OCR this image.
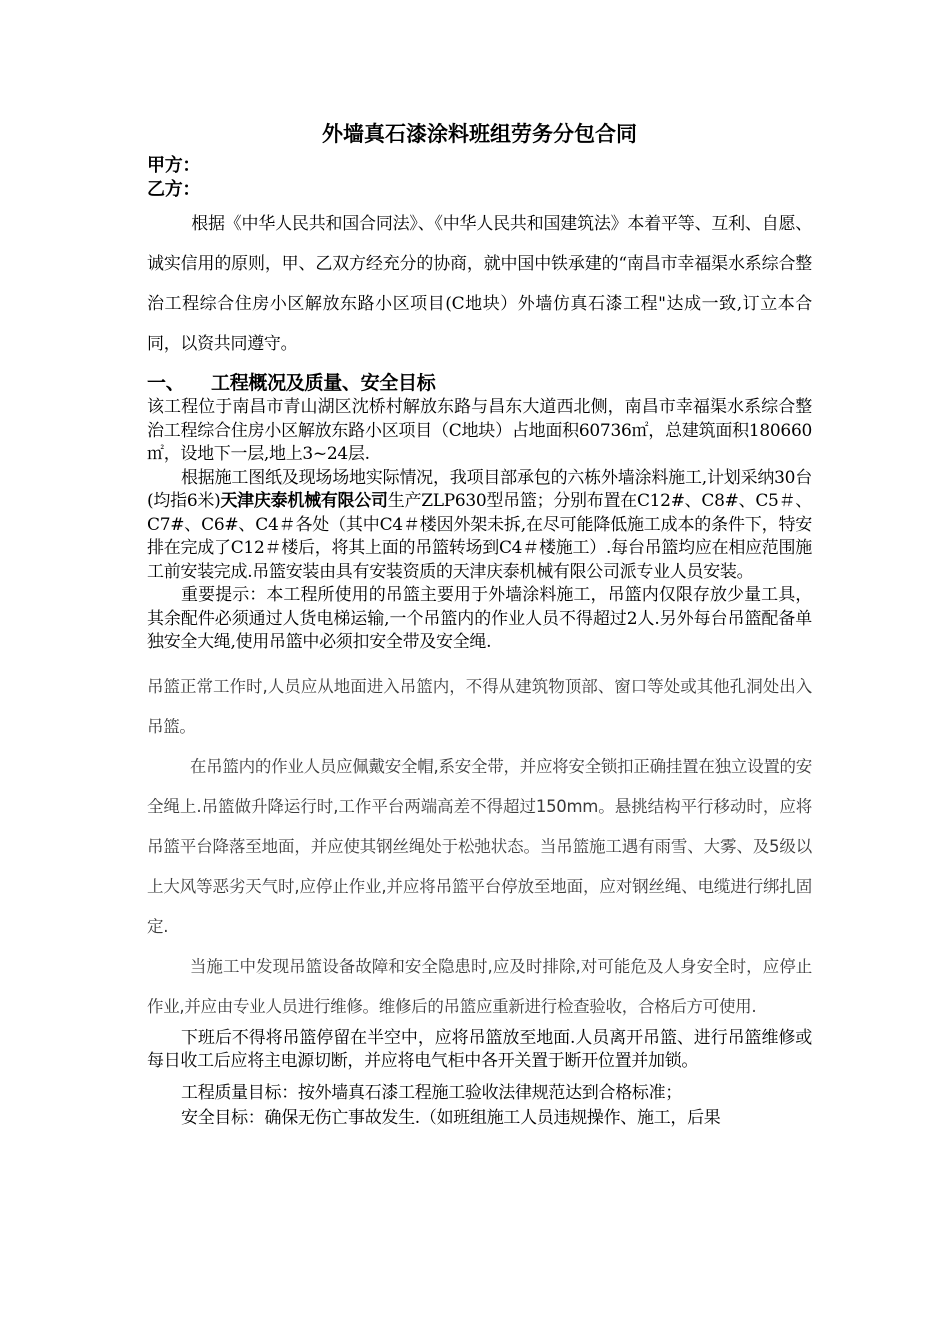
外墙真石漆涂料班组劳务分包合同
甲方：
乙方：

根据《中华人民共和国合同法》、《中华人民共和国建筑法》本着平等、互利、自愿、诚实信用的原则，甲、乙双方经充分的协商，就中国中铁承建的“南昌市幸福渠水系综合整治工程综合住房小区解放东路小区项目(C地块）外墙仿真石漆工程"达成一致,订立本合同，以资共同遵守。

一、 工程概况及质量、安全目标

该工程位于南昌市青山湖区沈桥村解放东路与昌东大道西北侧，南昌市幸福渠水系综合整治工程综合住房小区解放东路小区项目（C地块）占地面积60736㎡，总建筑面积180660㎡，设地下一层,地上3~24层.

根据施工图纸及现场场地实际情况，我项目部承包的六栋外墙涂料施工,计划采纳30台(均指6米)天津庆泰机械有限公司生产ZLP630型吊篮；分别布置在C12#、C8#、C5＃、C7#、C6#、C4＃各处（其中C4＃楼因外架未拆,在尽可能降低施工成本的条件下，特安排在完成了C12＃楼后，将其上面的吊篮转场到C4＃楼施工）.每台吊篮均应在相应范围施工前安装完成.吊篮安装由具有安装资质的天津庆泰机械有限公司派专业人员安装。

重要提示：本工程所使用的吊篮主要用于外墙涂料施工，吊篮内仅限存放少量工具，其余配件必须通过人货电梯运输,一个吊篮内的作业人员不得超过2人.另外每台吊篮配备单独安全大绳,使用吊篮中必须扣安全带及安全绳.

吊篮正常工作时,人员应从地面进入吊篮内，不得从建筑物顶部、窗口等处或其他孔洞处出入吊篮。

在吊篮内的作业人员应佩戴安全帽,系安全带，并应将安全锁扣正确挂置在独立设置的安全绳上.吊篮做升降运行时,工作平台两端高差不得超过150mm。悬挑结构平行移动时，应将吊篮平台降落至地面，并应使其钢丝绳处于松弛状态。当吊篮施工遇有雨雪、大雾、及5级以上大风等恶劣天气时,应停止作业,并应将吊篮平台停放至地面，应对钢丝绳、电缆进行绑扎固定.

当施工中发现吊篮设备故障和安全隐患时,应及时排除,对可能危及人身安全时，应停止作业,并应由专业人员进行维修。维修后的吊篮应重新进行检查验收，合格后方可使用.

下班后不得将吊篮停留在半空中，应将吊篮放至地面.人员离开吊篮、进行吊篮维修或每日收工后应将主电源切断，并应将电气柜中各开关置于断开位置并加锁。

工程质量目标：按外墙真石漆工程施工验收法律规范达到合格标准；

安全目标：确保无伤亡事故发生.（如班组施工人员违规操作、施工，后果
